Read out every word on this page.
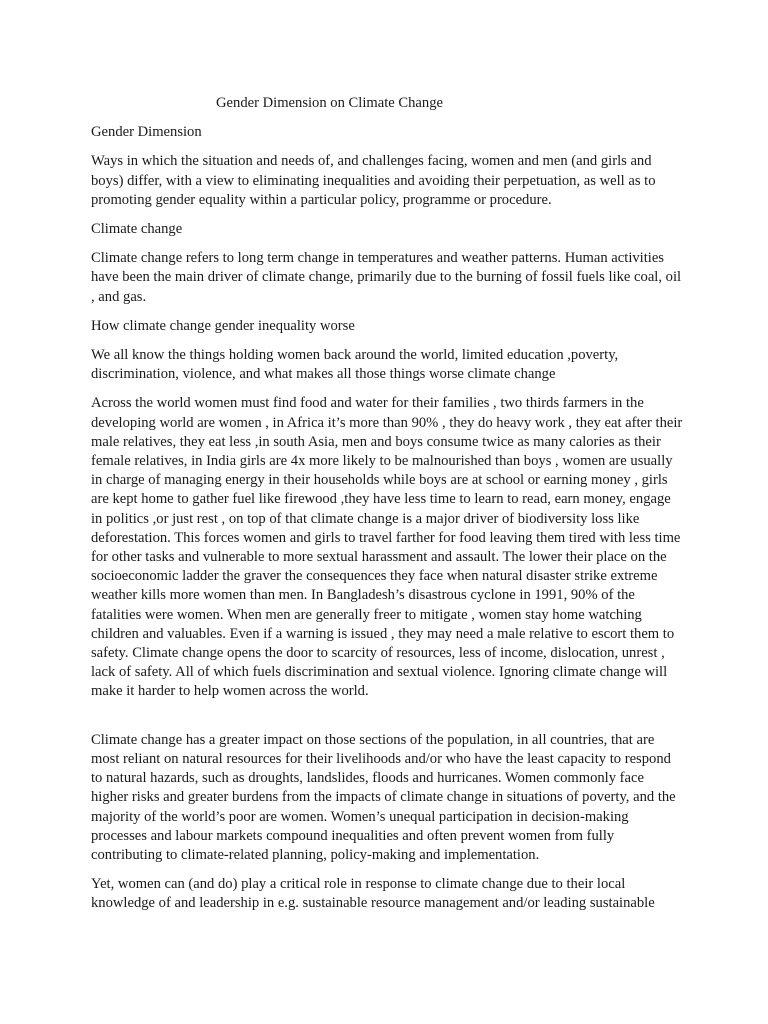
Gender Dimension on Climate Change
Gender Dimension

Ways in which the situation and needs of, and challenges facing, women and men (and girls and boys) differ, with a view to eliminating inequalities and avoiding their perpetuation, as well as to promoting gender equality within a particular policy, programme or procedure.

Climate change

Climate change refers to long term change in temperatures and weather patterns. Human activities have been the main driver of climate change, primarily due to the burning of fossil fuels like coal, oil , and gas.

How climate change gender inequality worse

We all know the things holding women back around the world, limited education ,poverty, discrimination, violence, and what makes all those things worse climate change

Across the world women must find food and water for their families , two thirds farmers in the developing world are women , in Africa it’s more than 90% , they do heavy work , they eat after their male relatives, they eat less ,in south Asia, men and boys consume twice as many calories as their female relatives, in India girls are 4x more likely to be malnourished than boys , women are usually in charge of managing energy in their households while boys are at school or earning money , girls are kept home to gather fuel like firewood ,they have less time to learn to read, earn money, engage in politics ,or just rest , on top of that climate change is a major driver of biodiversity loss like deforestation. This forces women and girls to travel farther for food leaving them tired with less time for other tasks and vulnerable to more sextual harassment and assault. The lower their place on the socioeconomic ladder the graver the consequences they face when natural disaster strike extreme weather kills more women than men. In Bangladesh’s disastrous cyclone in 1991, 90% of the fatalities were women. When men are generally freer to mitigate , women stay home watching children and valuables. Even if a warning is issued , they may need a male relative to escort them to safety. Climate change opens the door to scarcity of resources, less of income, dislocation, unrest , lack of safety. All of which fuels discrimination and sextual violence. Ignoring climate change will make it harder to help women across the world.

Climate change has a greater impact on those sections of the population, in all countries, that are most reliant on natural resources for their livelihoods and/or who have the least capacity to respond to natural hazards, such as droughts, landslides, floods and hurricanes. Women commonly face higher risks and greater burdens from the impacts of climate change in situations of poverty, and the majority of the world’s poor are women. Women’s unequal participation in decision-making processes and labour markets compound inequalities and often prevent women from fully contributing to climate-related planning, policy-making and implementation.

Yet, women can (and do) play a critical role in response to climate change due to their local knowledge of and leadership in e.g. sustainable resource management and/or leading sustainable
